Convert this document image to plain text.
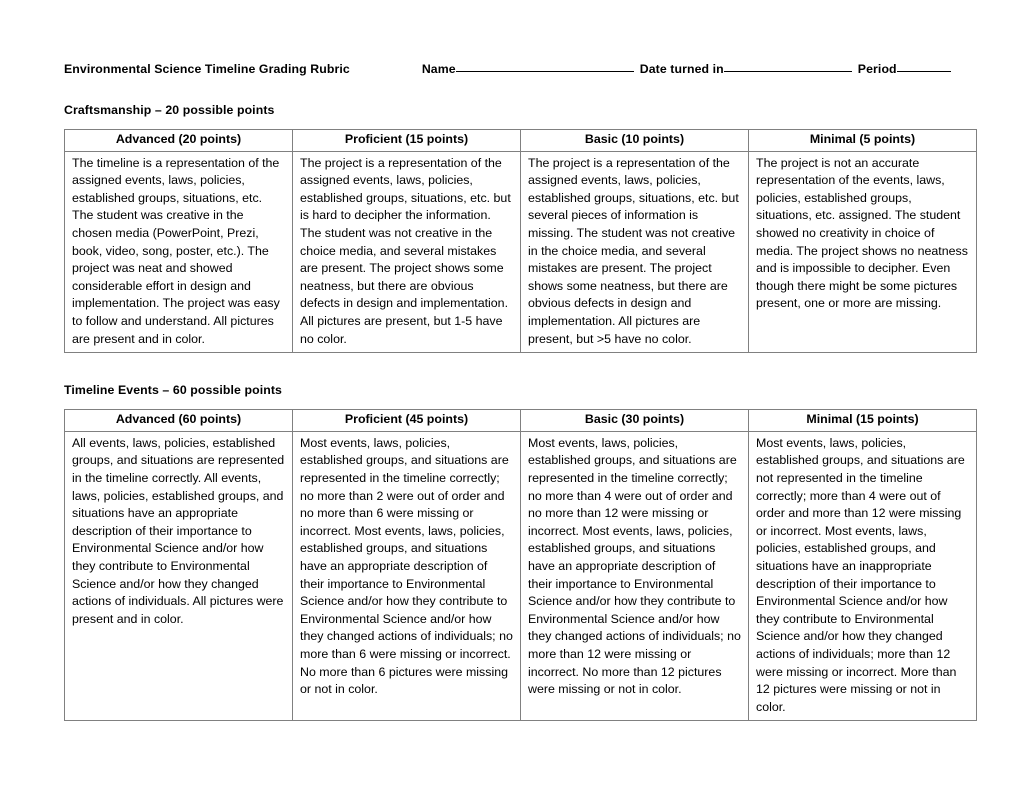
Environmental Science Timeline Grading Rubric	Name	Date turned in	Period
Craftsmanship – 20 possible points
Advanced (20 points)	Proficient (15 points)	Basic (10 points)	Minimal (5 points)
The timeline is a representation of the assigned events, laws, policies, established groups, situations, etc. The student was creative in the chosen media (PowerPoint, Prezi, book, video, song, poster, etc.). The project was neat and showed considerable effort in design and implementation. The project was easy to follow and understand. All pictures are present and in color.	The project is a representation of the assigned events, laws, policies, established groups, situations, etc. but is hard to decipher the information. The student was not creative in the choice media, and several mistakes are present. The project shows some neatness, but there are obvious defects in design and implementation. All pictures are present, but 1-5 have no color.	The project is a representation of the assigned events, laws, policies, established groups, situations, etc. but several pieces of information is missing. The student was not creative in the choice media, and several mistakes are present. The project shows some neatness, but there are obvious defects in design and implementation. All pictures are present, but >5 have no color.	The project is not an accurate representation of the events, laws, policies, established groups, situations, etc. assigned. The student showed no creativity in choice of media. The project shows no neatness and is impossible to decipher. Even though there might be some pictures present, one or more are missing.
Timeline Events – 60 possible points
Advanced (60 points)	Proficient (45 points)	Basic (30 points)	Minimal (15 points)
All events, laws, policies, established groups, and situations are represented in the timeline correctly. All events, laws, policies, established groups, and situations have an appropriate description of their importance to Environmental Science and/or how they contribute to Environmental Science and/or how they changed actions of individuals. All pictures were present and in color.	Most events, laws, policies, established groups, and situations are represented in the timeline correctly; no more than 2 were out of order and no more than 6 were missing or incorrect. Most events, laws, policies, established groups, and situations have an appropriate description of their importance to Environmental Science and/or how they contribute to Environmental Science and/or how they changed actions of individuals; no more than 6 were missing or incorrect. No more than 6 pictures were missing or not in color.	Most events, laws, policies, established groups, and situations are represented in the timeline correctly; no more than 4 were out of order and no more than 12 were missing or incorrect. Most events, laws, policies, established groups, and situations have an appropriate description of their importance to Environmental Science and/or how they contribute to Environmental Science and/or how they changed actions of individuals; no more than 12 were missing or incorrect. No more than 12 pictures were missing or not in color.	Most events, laws, policies, established groups, and situations are not represented in the timeline correctly; more than 4 were out of order and more than 12 were missing or incorrect. Most events, laws, policies, established groups, and situations have an inappropriate description of their importance to Environmental Science and/or how they contribute to Environmental Science and/or how they changed actions of individuals; more than 12 were missing or incorrect. More than 12 pictures were missing or not in color.
